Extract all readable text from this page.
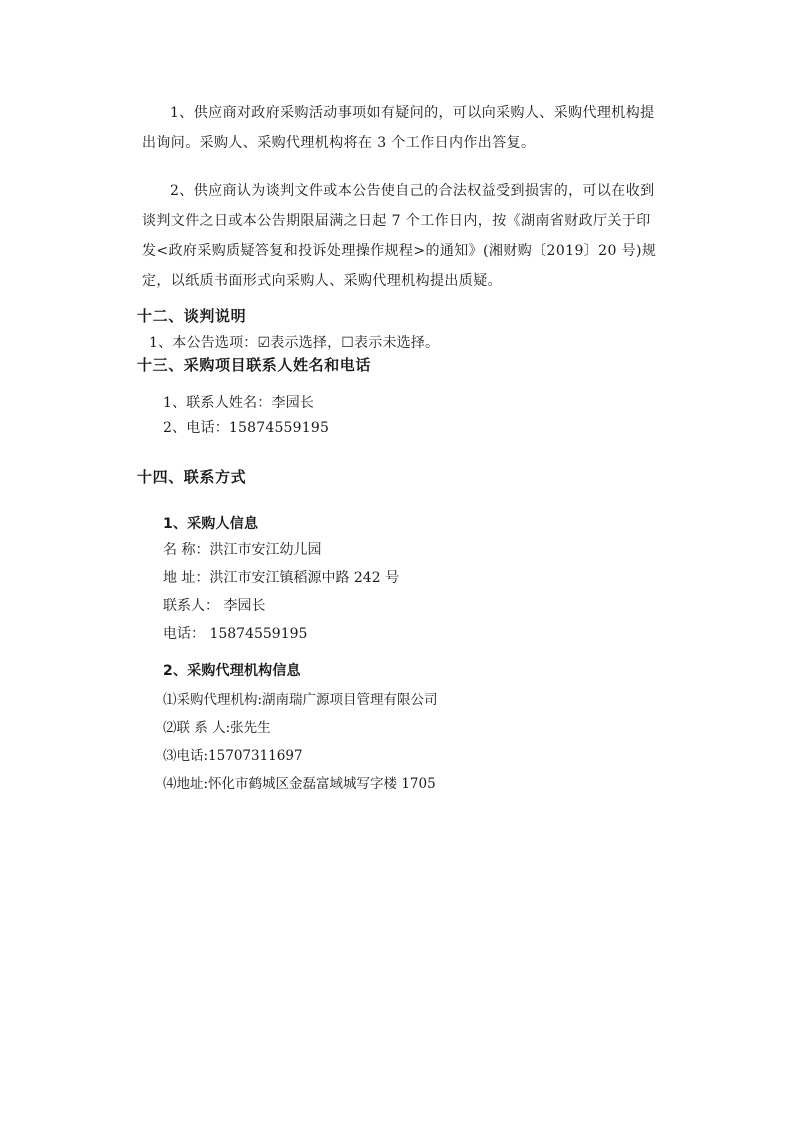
1、供应商对政府采购活动事项如有疑问的，可以向采购人、采购代理机构提出询问。采购人、采购代理机构将在 3 个工作日内作出答复。
2、供应商认为谈判文件或本公告使自己的合法权益受到损害的，可以在收到谈判文件之日或本公告期限届满之日起 7 个工作日内，按《湖南省财政厅关于印发<政府采购质疑答复和投诉处理操作规程>的通知》(湘财购〔2019〕20 号)规定，以纸质书面形式向采购人、采购代理机构提出质疑。
十二、谈判说明
1、本公告选项：☑表示选择，☐表示未选择。
十三、采购项目联系人姓名和电话
1、联系人姓名：李园长
2、电话：15874559195
十四、联系方式
1、采购人信息
名 称：洪江市安江幼儿园
地 址：洪江市安江镇稻源中路 242 号
联系人： 李园长
电话： 15874559195
2、采购代理机构信息
⑴采购代理机构:湖南瑞广源项目管理有限公司
⑵联 系 人:张先生
⑶电话:15707311697
⑷地址:怀化市鹤城区金磊富域城写字楼 1705
